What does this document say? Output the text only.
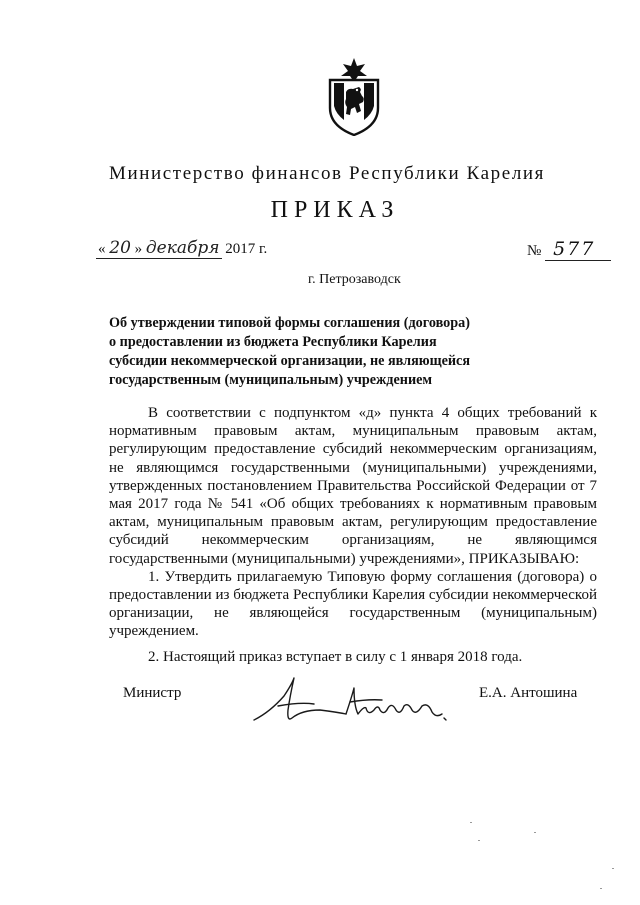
Министерство финансов Республики Карелия
ПРИКАЗ
« 20 » декабря 2017 г.	№ 577
г. Петрозаводск
Об утверждении типовой формы соглашения (договора)
о предоставлении из бюджета Республики Карелия
субсидии некоммерческой организации, не являющейся
государственным (муниципальным) учреждением

В соответствии с подпунктом «д» пункта 4 общих требований к нормативным правовым актам, муниципальным правовым актам, регулирующим предоставление субсидий некоммерческим организациям, не являющимся государственными (муниципальными) учреждениями, утвержденных постановлением Правительства Российской Федерации от 7 мая 2017 года № 541 «Об общих требованиях к нормативным правовым актам, муниципальным правовым актам, регулирующим предоставление субсидий некоммерческим организациям, не являющимся государственными (муниципальными) учреждениями», ПРИКАЗЫВАЮ:

1. Утвердить прилагаемую Типовую форму соглашения (договора) о предоставлении из бюджета Республики Карелия субсидии некоммерческой организации, не являющейся государственным (муниципальным) учреждением.

2. Настоящий приказ вступает в силу с 1 января 2018 года.

Министр	Е.А. Антошина
